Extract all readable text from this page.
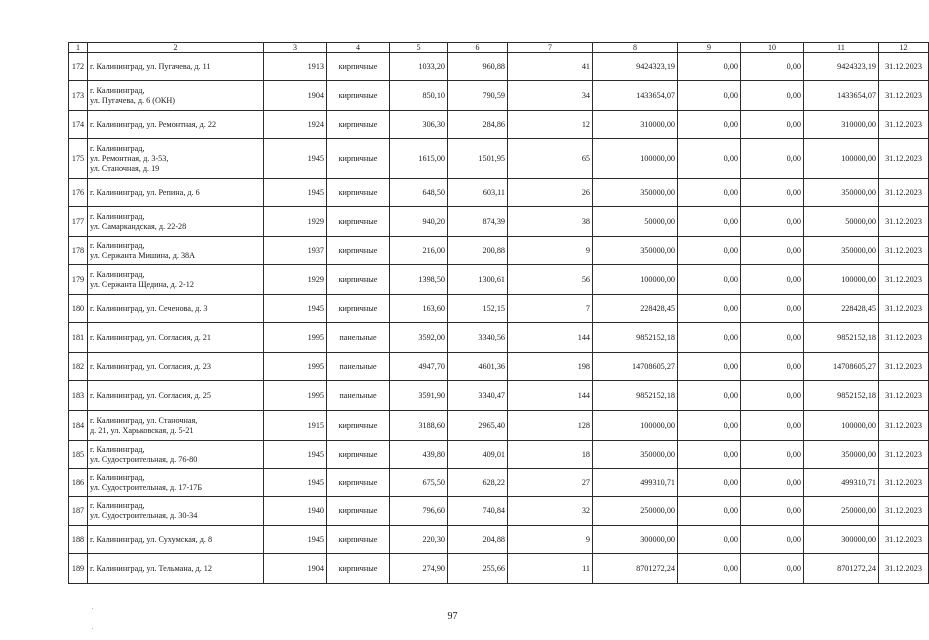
1	2	3	4	5	6	7	8	9	10	11	12
172	г. Калининград, ул. Пугачева, д. 11	1913	кирпичные	1033,20	960,88	41	9424323,19	0,00	0,00	9424323,19	31.12.2023
173	г. Калининград,
ул. Пугачева, д. 6 (ОКН)	1904	кирпичные	850,10	790,59	34	1433654,07	0,00	0,00	1433654,07	31.12.2023
174	г. Калининград, ул. Ремонтная, д. 22	1924	кирпичные	306,30	284,86	12	310000,00	0,00	0,00	310000,00	31.12.2023
175	г. Калининград,
ул. Ремонтная, д. 3-53,
ул. Станочная, д. 19	1945	кирпичные	1615,00	1501,95	65	100000,00	0,00	0,00	100000,00	31.12.2023
176	г. Калининград, ул. Репина, д. 6	1945	кирпичные	648,50	603,11	26	350000,00	0,00	0,00	350000,00	31.12.2023
177	г. Калининград,
ул. Самаркандская, д. 22-28	1929	кирпичные	940,20	874,39	38	50000,00	0,00	0,00	50000,00	31.12.2023
178	г. Калининград,
ул. Сержанта Мишина, д. 38А	1937	кирпичные	216,00	200,88	9	350000,00	0,00	0,00	350000,00	31.12.2023
179	г. Калининград,
ул. Сержанта Щедина, д. 2-12	1929	кирпичные	1398,50	1300,61	56	100000,00	0,00	0,00	100000,00	31.12.2023
180	г. Калининград, ул. Сеченова, д. 3	1945	кирпичные	163,60	152,15	7	228428,45	0,00	0,00	228428,45	31.12.2023
181	г. Калининград, ул. Согласия, д. 21	1995	панельные	3592,00	3340,56	144	9852152,18	0,00	0,00	9852152,18	31.12.2023
182	г. Калининград, ул. Согласия, д. 23	1995	панельные	4947,70	4601,36	198	14708605,27	0,00	0,00	14708605,27	31.12.2023
183	г. Калининград, ул. Согласия, д. 25	1995	панельные	3591,90	3340,47	144	9852152,18	0,00	0,00	9852152,18	31.12.2023
184	г. Калининград, ул. Станочная,
д. 21, ул. Харьковская, д. 5-21	1915	кирпичные	3188,60	2965,40	128	100000,00	0,00	0,00	100000,00	31.12.2023
185	г. Калининград,
ул. Судостроительная, д. 76-80	1945	кирпичные	439,80	409,01	18	350000,00	0,00	0,00	350000,00	31.12.2023
186	г. Калининград,
ул. Судостроительная, д. 17-17Б	1945	кирпичные	675,50	628,22	27	499310,71	0,00	0,00	499310,71	31.12.2023
187	г. Калининград,
ул. Судостроительная, д. 30-34	1940	кирпичные	796,60	740,84	32	250000,00	0,00	0,00	250000,00	31.12.2023
188	г. Калининград, ул. Сухумская, д. 8	1945	кирпичные	220,30	204,88	9	300000,00	0,00	0,00	300000,00	31.12.2023
189	г. Калининград, ул. Тельмана, д. 12	1904	кирпичные	274,90	255,66	11	8701272,24	0,00	0,00	8701272,24	31.12.2023
97
